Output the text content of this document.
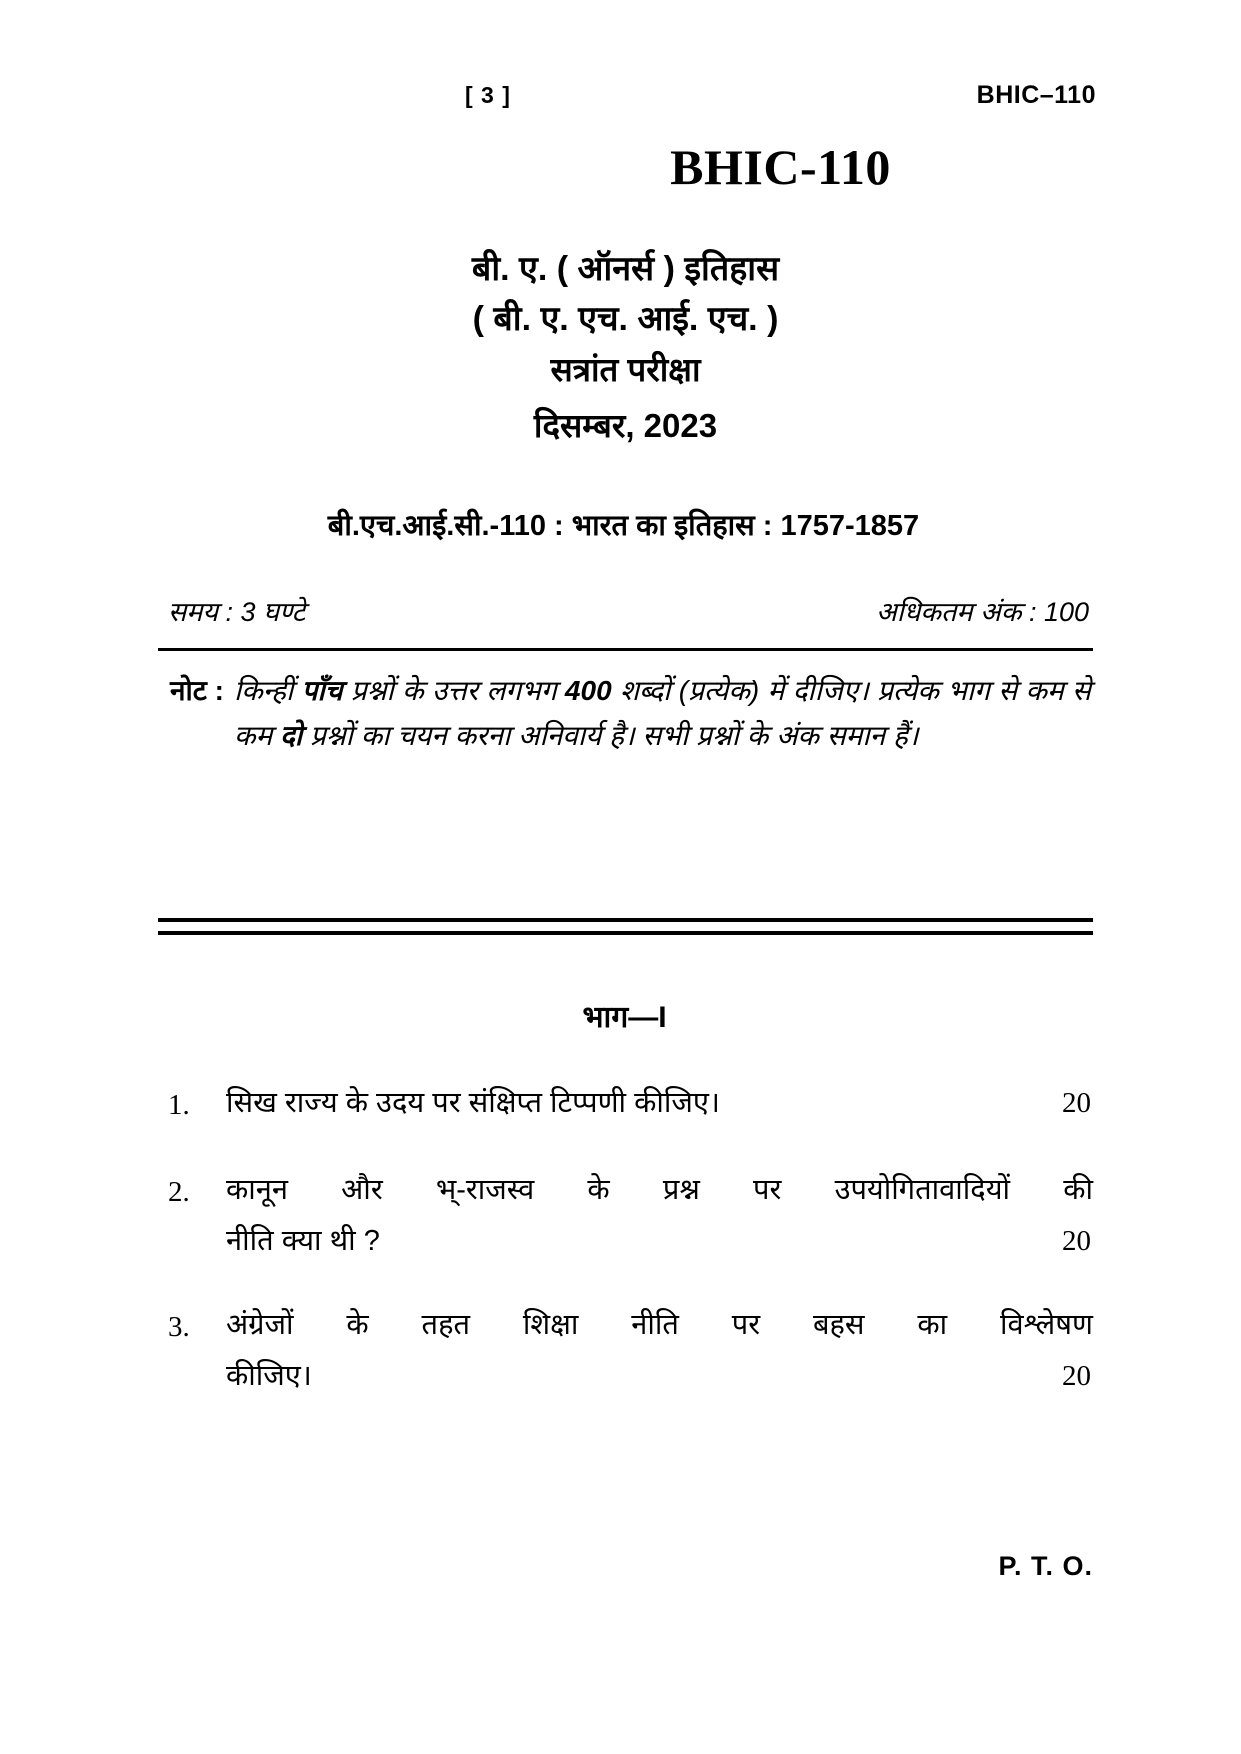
[ 3 ]	BHIC–110
BHIC-110
बी. ए. ( ऑनर्स ) इतिहास
( बी. ए. एच. आई. एच. )
सत्रांत परीक्षा
दिसम्बर, 2023
बी.एच.आई.सी.-110 : भारत का इतिहास : 1757-1857
समय : 3 घण्टे	अधिकतम अंक : 100
नोट : किन्हीं पाँच प्रश्नों के उत्तर लगभग 400 शब्दों (प्रत्येक) में दीजिए। प्रत्येक भाग से कम से कम दो प्रश्नों का चयन करना अनिवार्य है। सभी प्रश्नों के अंक समान हैं।
भाग—I
1.	सिख राज्य के उदय पर संक्षिप्त टिप्पणी कीजिए।	20
2.	कानून और भ्-राजस्व के प्रश्न पर उपयोगितावादियों की
नीति क्या थी ?	20
3.	अंग्रेजों के तहत शिक्षा नीति पर बहस का विश्लेषण
कीजिए।	20
P. T. O.
